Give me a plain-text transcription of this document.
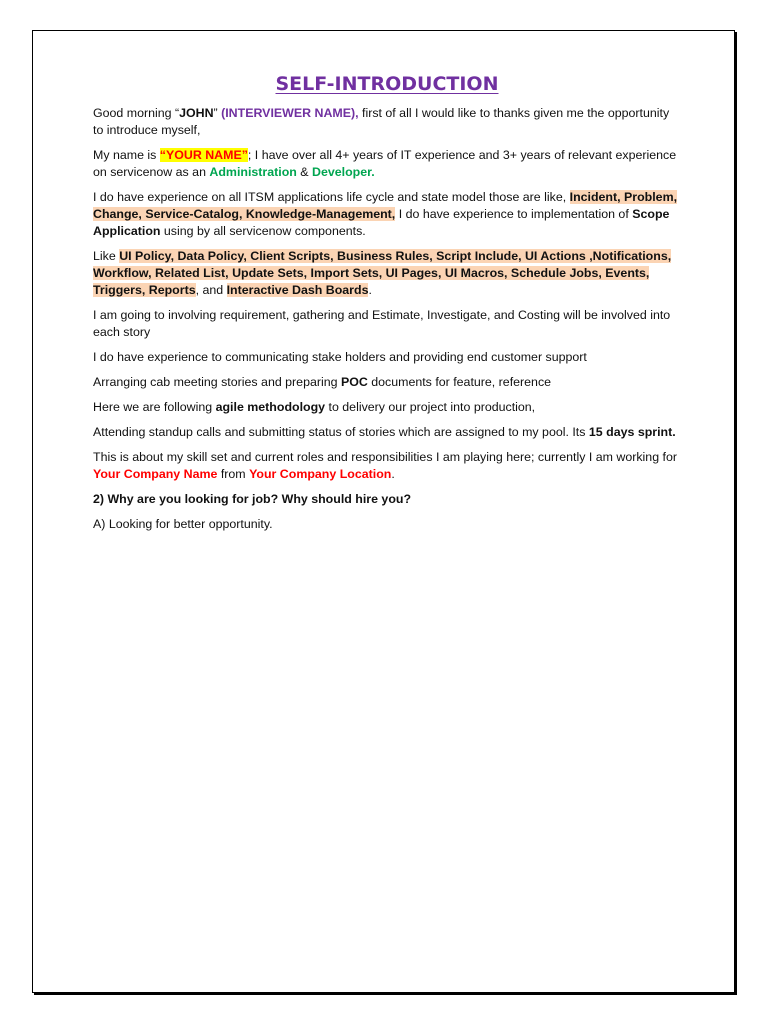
SELF-INTRODUCTION

Good morning “JOHN” (INTERVIEWER NAME), first of all I would like to thanks given me the opportunity to introduce myself,

My name is “YOUR NAME”; I have over all 4+ years of IT experience and 3+ years of relevant experience on servicenow as an Administration & Developer.

I do have experience on all ITSM applications life cycle and state model those are like, Incident, Problem, Change, Service-Catalog, Knowledge-Management, I do have experience to implementation of Scope Application using by all servicenow components.

Like UI Policy, Data Policy, Client Scripts, Business Rules, Script Include, UI Actions ,Notifications, Workflow, Related List, Update Sets, Import Sets, UI Pages, UI Macros, Schedule Jobs, Events, Triggers, Reports, and Interactive Dash Boards.

I am going to involving requirement, gathering and Estimate, Investigate, and Costing will be involved into each story

I do have experience to communicating stake holders and providing end customer support

Arranging cab meeting stories and preparing POC documents for feature, reference

Here we are following agile methodology to delivery our project into production,

Attending standup calls and submitting status of stories which are assigned to my pool. Its 15 days sprint.

This is about my skill set and current roles and responsibilities I am playing here; currently I am working for Your Company Name from Your Company Location.

2) Why are you looking for job? Why should hire you?

A) Looking for better opportunity.
